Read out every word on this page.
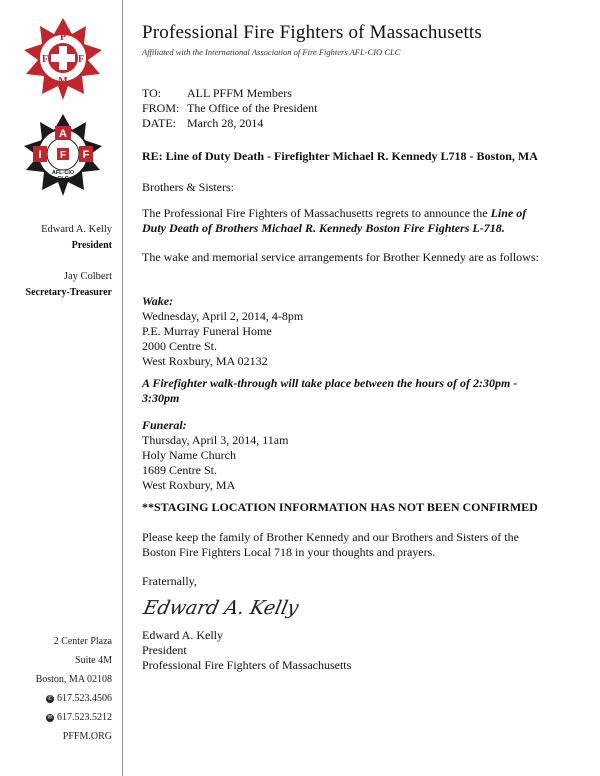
P
F	F
M
A
I	F
F
AFL-CIO
CLC
Edward A. Kelly
President
Jay Colbert
Secretary-Treasurer
2 Center Plaza
Suite 4M
Boston, MA 02108
✆ 617.523.4506
✉ 617.523.5212
PFFM.ORG
Professional Fire Fighters of Massachusetts
Affiliated with the International Association of Fire Fighters AFL-CIO CLC
TO:	ALL PFFM Members
FROM: The Office of the President
DATE: March 28, 2014
RE: Line of Duty Death - Firefighter Michael R. Kennedy L718 - Boston, MA
Brothers & Sisters:
The Professional Fire Fighters of Massachusetts regrets to announce the Line of Duty Death of Brothers Michael R. Kennedy Boston Fire Fighters L-718.
The wake and memorial service arrangements for Brother Kennedy are as follows:
Wake:
Wednesday, April 2, 2014, 4-8pm
P.E. Murray Funeral Home
2000 Centre St.
West Roxbury, MA 02132
A Firefighter walk-through will take place between the hours of of 2:30pm - 3:30pm
Funeral:
Thursday, April 3, 2014, 11am
Holy Name Church
1689 Centre St.
West Roxbury, MA
**STAGING LOCATION INFORMATION HAS NOT BEEN CONFIRMED
Please keep the family of Brother Kennedy and our Brothers and Sisters of the Boston Fire Fighters Local 718 in your thoughts and prayers.
Fraternally,
Edward A. Kelly
Edward A. Kelly
President
Professional Fire Fighters of Massachusetts
